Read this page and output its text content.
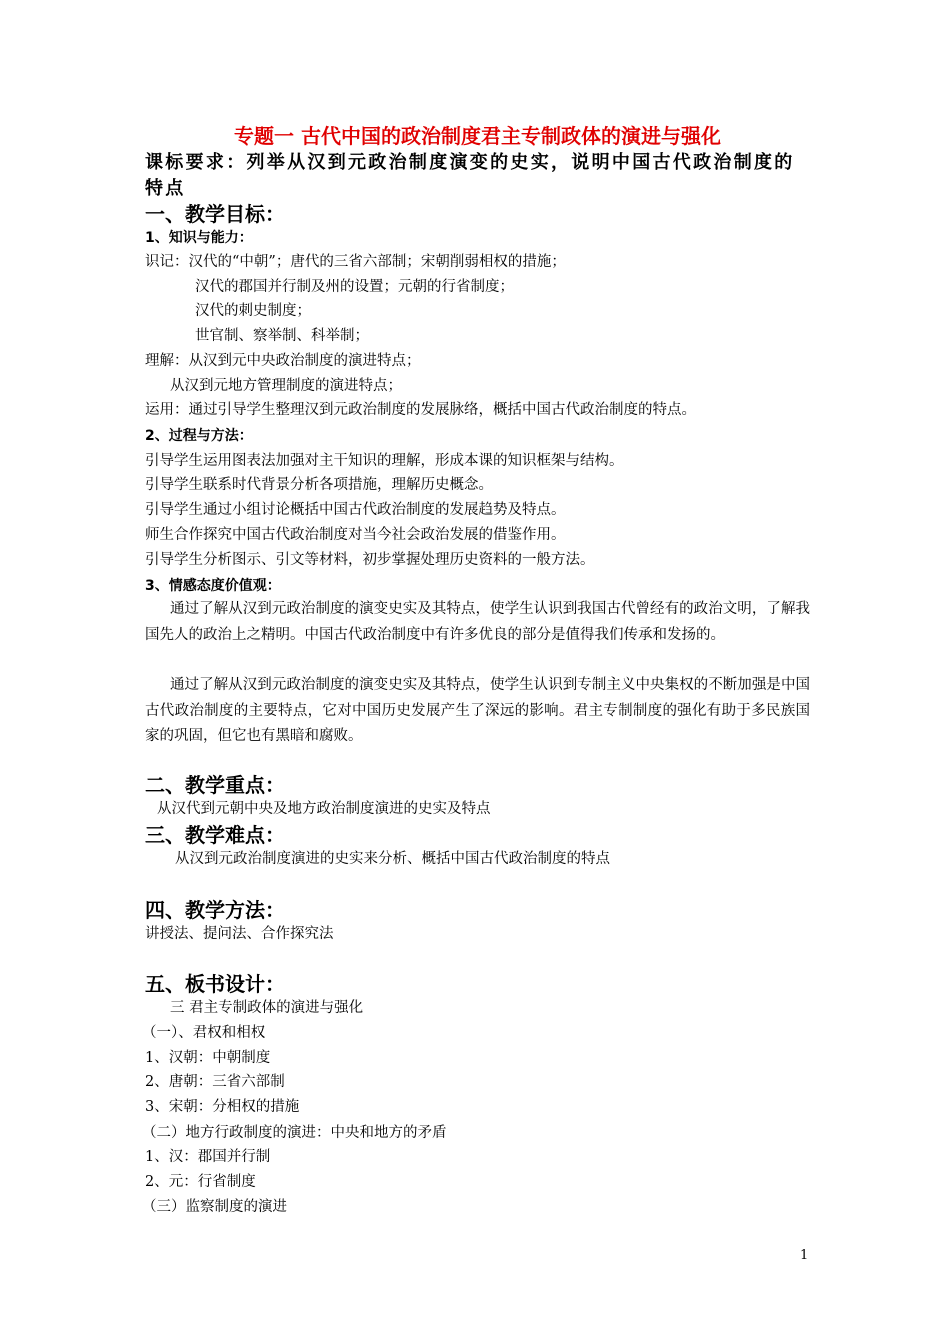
专题一 古代中国的政治制度君主专制政体的演进与强化
课标要求：列举从汉到元政治制度演变的史实，说明中国古代政治制度的特点
一、教学目标：
1、知识与能力：
识记：汉代的“中朝”；唐代的三省六部制；宋朝削弱相权的措施；
汉代的郡国并行制及州的设置；元朝的行省制度；
汉代的刺史制度；
世官制、察举制、科举制；
理解：从汉到元中央政治制度的演进特点；
从汉到元地方管理制度的演进特点；
运用：通过引导学生整理汉到元政治制度的发展脉络，概括中国古代政治制度的特点。
2、过程与方法：
引导学生运用图表法加强对主干知识的理解，形成本课的知识框架与结构。
引导学生联系时代背景分析各项措施，理解历史概念。
引导学生通过小组讨论概括中国古代政治制度的发展趋势及特点。
师生合作探究中国古代政治制度对当今社会政治发展的借鉴作用。
引导学生分析图示、引文等材料，初步掌握处理历史资料的一般方法。
3、情感态度价值观：
通过了解从汉到元政治制度的演变史实及其特点，使学生认识到我国古代曾经有的政治文明，了解我国先人的政治上之精明。中国古代政治制度中有许多优良的部分是值得我们传承和发扬的。
通过了解从汉到元政治制度的演变史实及其特点，使学生认识到专制主义中央集权的不断加强是中国古代政治制度的主要特点，它对中国历史发展产生了深远的影响。君主专制制度的强化有助于多民族国家的巩固，但它也有黑暗和腐败。
二、教学重点：
从汉代到元朝中央及地方政治制度演进的史实及特点
三、教学难点：
从汉到元政治制度演进的史实来分析、概括中国古代政治制度的特点
四、教学方法：
讲授法、提问法、合作探究法
五、板书设计：
三 君主专制政体的演进与强化
（一）、君权和相权
1、汉朝：中朝制度
2、唐朝：三省六部制
3、宋朝：分相权的措施
（二）地方行政制度的演进：中央和地方的矛盾
1、汉：郡国并行制
2、元：行省制度
（三）监察制度的演进
1
